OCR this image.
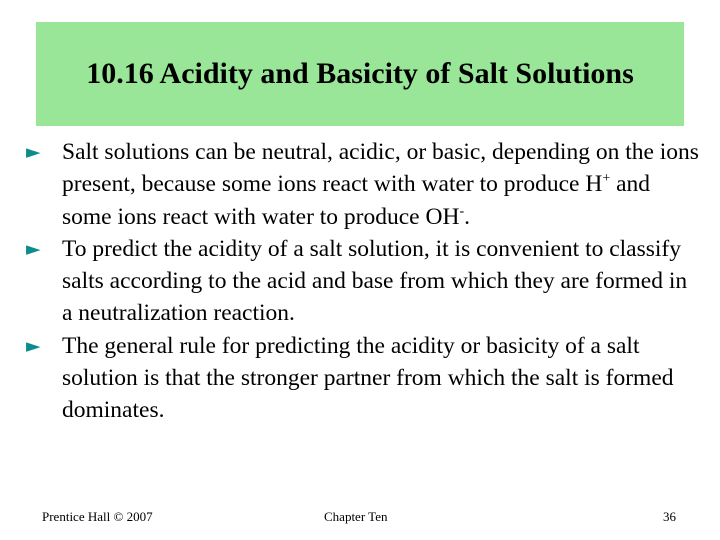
10.16 Acidity and Basicity of Salt Solutions
► Salt solutions can be neutral, acidic, or basic, depending on the ions present, because some ions react with water to produce H+ and some ions react with water to produce OH-.
► To predict the acidity of a salt solution, it is convenient to classify salts according to the acid and base from which they are formed in a neutralization reaction.
► The general rule for predicting the acidity or basicity of a salt solution is that the stronger partner from which the salt is formed dominates.
Prentice Hall © 2007	Chapter Ten	36
